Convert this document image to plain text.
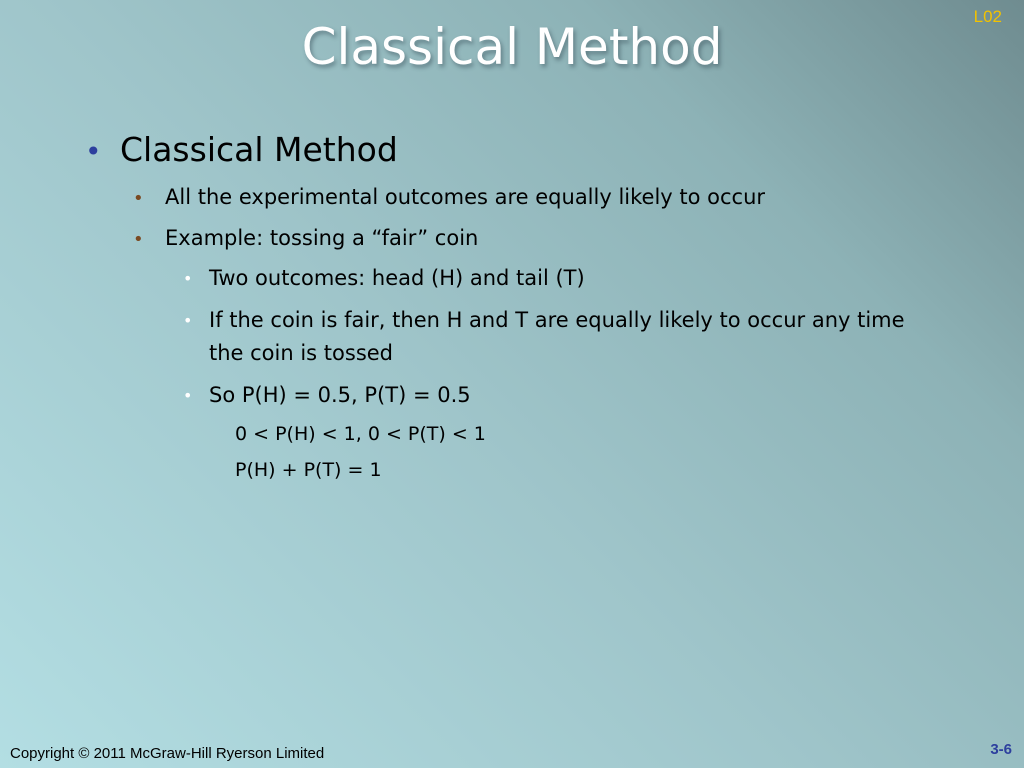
L02
Classical Method
• Classical Method
• All the experimental outcomes are equally likely to occur
• Example: tossing a “fair” coin
• Two outcomes: head (H) and tail (T)
• If the coin is fair, then H and T are equally likely to occur any time the coin is tossed
• So P(H) = 0.5, P(T) = 0.5
0 < P(H) < 1, 0 < P(T) < 1
P(H) + P(T) = 1
Copyright © 2011 McGraw-Hill Ryerson Limited	3-6
